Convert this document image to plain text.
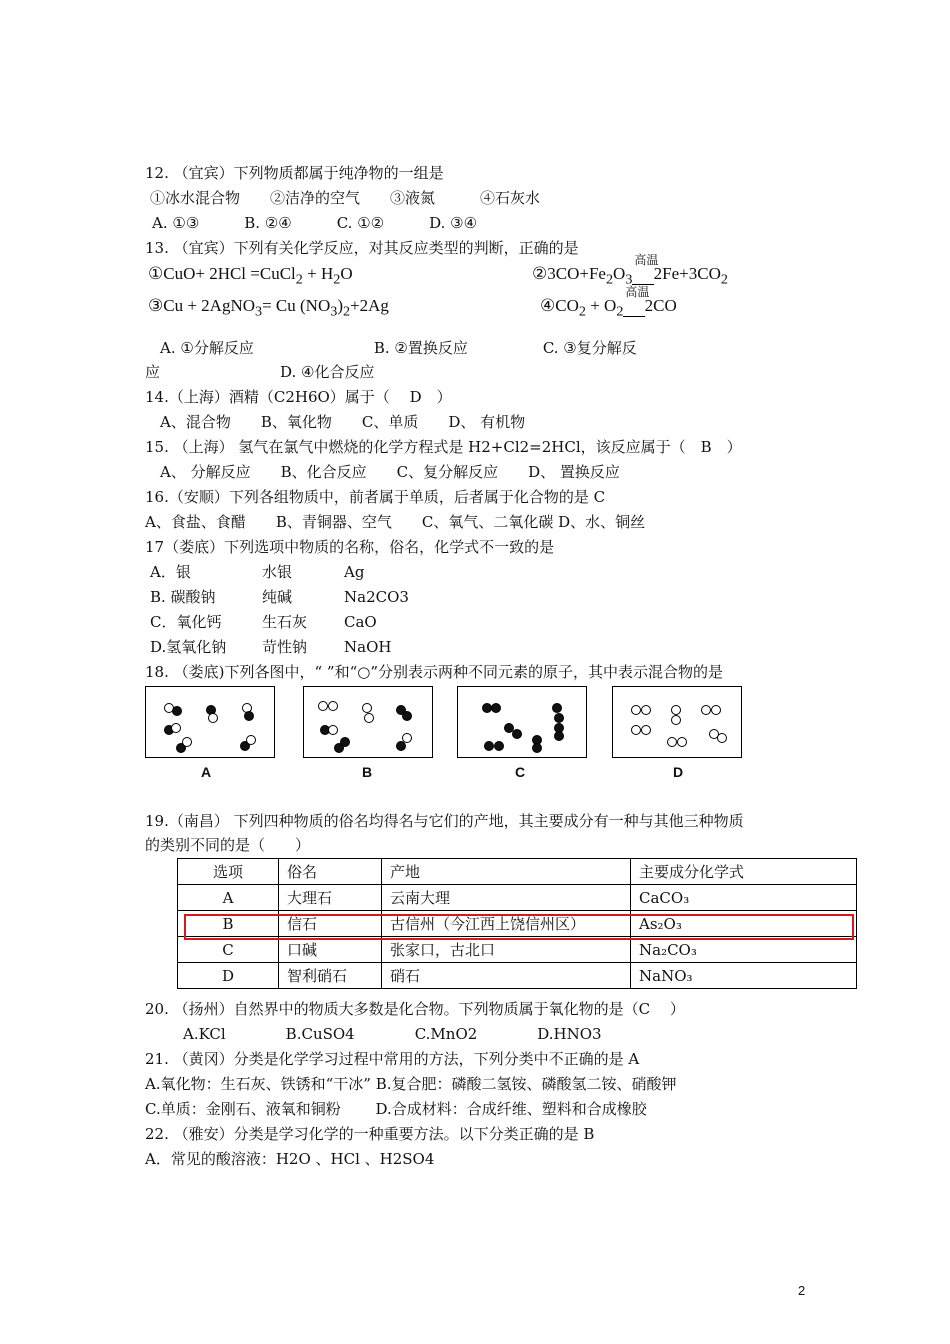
12. （宜宾）下列物质都属于纯净物的一组是
①冰水混合物　　②洁净的空气　　③液氮　　　④石灰水
A. ①③　　　B. ②④　　　C. ①②　　　D. ③④
13. （宜宾）下列有关化学反应，对其反应类型的判断，正确的是
①CuO+ 2HCl =CuCl$_2$ + $H_2O$	$②3CO+Fe_2O_3$
高温
$2Fe+3CO_2$
③Cu + 2AgNO$_3$= Cu $(NO_3)_2+2Ag$	$④CO_2 + O_2$
高温
2CO
A. ①分解反应　　　　　　　　B. ②置换反应　　　　　C. ③复分解反
应　　　　　　　　D. ④化合反应
14.（上海）酒精（C2H6O）属于（　 D　）
A、混合物　　B、氧化物　　C、单质　　D、 有机物
15. （上海） 氢气在氯气中燃烧的化学方程式是 H2+Cl2=2HCl，该反应属于（　B　）
A、 分解反应　　B、化合反应　　C、复分解反应　　D、 置换反应
16.（安顺）下列各组物质中，前者属于单质，后者属于化合物的是 C
A、食盐、食醋　　B、青铜器、空气　　C、氧气、二氧化碳 D、水、铜丝
17（娄底）下列选项中物质的名称，俗名，化学式不一致的是
A．银	水银	Ag
B. 碳酸钠	纯碱	Na2CO3
C．氧化钙	生石灰 CaO
D.氢氧化钠 苛性钠 NaOH
18. （娄底)下列各图中，“ ”和“○”分别表示两种不同元素的原子，其中表示混合物的是
A	B	C	D
19.（南昌） 下列四种物质的俗名均得名与它们的产地，其主要成分有一种与其他三种物质
的类别不同的是（　　）
选项	俗名	产地	主要成分化学式
A	大理石	云南大理	CaCO₃
B	信石	古信州（今江西上饶信州区）	As₂O₃
C	口碱	张家口，古北口	Na₂CO₃
D	智利硝石	硝石	NaNO₃
20. （扬州）自然界中的物质大多数是化合物。下列物质属于氧化物的是（C　 ）
　A.KCl　　　　B.CuSO4　　　　C.MnO2　　　　D.HNO3
21. （黄冈）分类是化学学习过程中常用的方法，下列分类中不正确的是 A
A.氧化物：生石灰、铁锈和“干冰” B.复合肥：磷酸二氢铵、磷酸氢二铵、硝酸钾
C.单质：金刚石、液氧和铜粉　　 D.合成材料：合成纤维、塑料和合成橡胶
22. （雅安）分类是学习化学的一种重要方法。以下分类正确的是 B
A．常见的酸溶液：H2O 、HCl 、H2SO4
2
